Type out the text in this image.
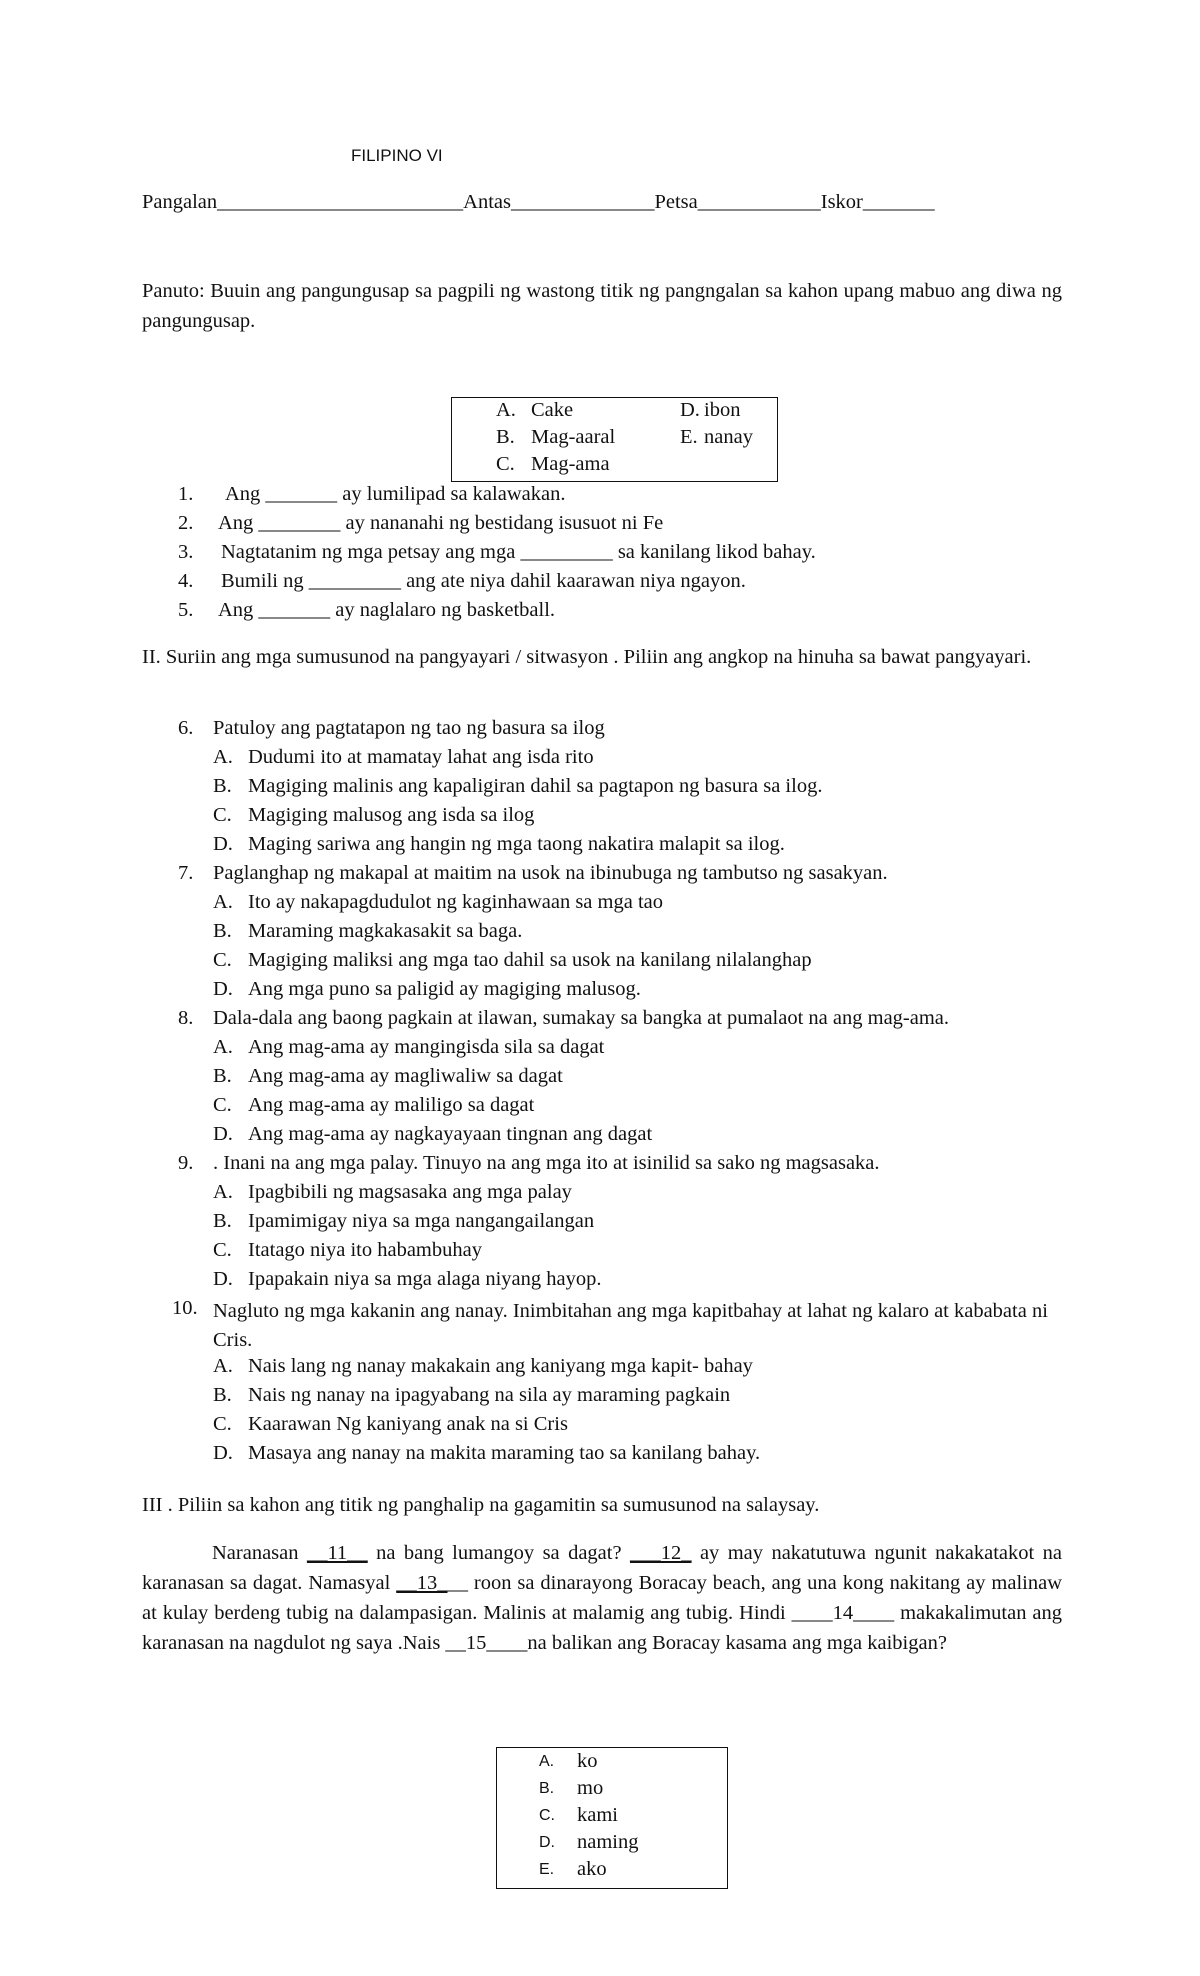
FILIPINO VI
Pangalan________________________Antas______________Petsa____________Iskor_______
Panuto: Buuin ang pangungusap sa pagpili ng wastong titik ng pangngalan sa kahon upang mabuo ang diwa ng pangungusap.
A. Cake
B. Mag-aaral
C. Mag-ama
D. ibon
E. nanay
1. Ang _______ ay lumilipad sa kalawakan.
2. Ang ________ ay nananahi ng bestidang isusuot ni Fe
3. Nagtatanim ng mga petsay ang mga _________ sa kanilang likod bahay.
4. Bumili ng _________ ang ate niya dahil kaarawan niya ngayon.
5. Ang _______ ay naglalaro ng basketball.
II. Suriin ang mga sumusunod na pangyayari / sitwasyon . Piliin ang angkop na hinuha sa bawat pangyayari.
6. Patuloy ang pagtatapon ng tao ng basura sa ilog
A. Dudumi ito at mamatay lahat ang isda rito
B. Magiging malinis ang kapaligiran dahil sa pagtapon ng basura sa ilog.
C. Magiging malusog ang isda sa ilog
D. Maging sariwa ang hangin ng mga taong nakatira malapit sa ilog.
7. Paglanghap ng makapal at maitim na usok na ibinubuga ng tambutso ng sasakyan.
A. Ito ay nakapagdudulot ng kaginhawaan sa mga tao
B. Maraming magkakasakit sa baga.
C. Magiging maliksi ang mga tao dahil sa usok na kanilang nilalanghap
D. Ang mga puno sa paligid ay magiging malusog.
8. Dala-dala ang baong pagkain at ilawan, sumakay sa bangka at pumalaot na ang mag-ama.
A. Ang mag-ama ay mangingisda sila sa dagat
B. Ang mag-ama ay magliwaliw sa dagat
C. Ang mag-ama ay maliligo sa dagat
D. Ang mag-ama ay nagkayayaan tingnan ang dagat
9. . Inani na ang mga palay. Tinuyo na ang mga ito at isinilid sa sako ng magsasaka.
A. Ipagbibili ng magsasaka ang mga palay
B. Ipamimigay niya sa mga nangangailangan
C. Itatago niya ito habambuhay
D. Ipapakain niya sa mga alaga niyang hayop.
10. Nagluto ng mga kakanin ang nanay. Inimbitahan ang mga kapitbahay at lahat ng kalaro at kababata ni Cris.
A. Nais lang ng nanay makakain ang kaniyang mga kapit- bahay
B. Nais ng nanay na ipagyabang na sila ay maraming pagkain
C. Kaarawan Ng kaniyang anak na si Cris
D. Masaya ang nanay na makita maraming tao sa kanilang bahay.
III . Piliin sa kahon ang titik ng panghalip na gagamitin sa sumusunod na salaysay.
Naranasan __11__ na bang lumangoy sa dagat? ___12_ ay may nakatutuwa ngunit nakakatakot na karanasan sa dagat. Namasyal __13___ roon sa dinarayong Boracay beach, ang una kong nakitang ay malinaw at kulay berdeng tubig na dalampasigan. Malinis at malamig ang tubig. Hindi ____14____ makakalimutan ang karanasan na nagdulot ng saya .Nais __15____na balikan ang Boracay kasama ang mga kaibigan?
A. ko
B. mo
C. kami
D. naming
E. ako
